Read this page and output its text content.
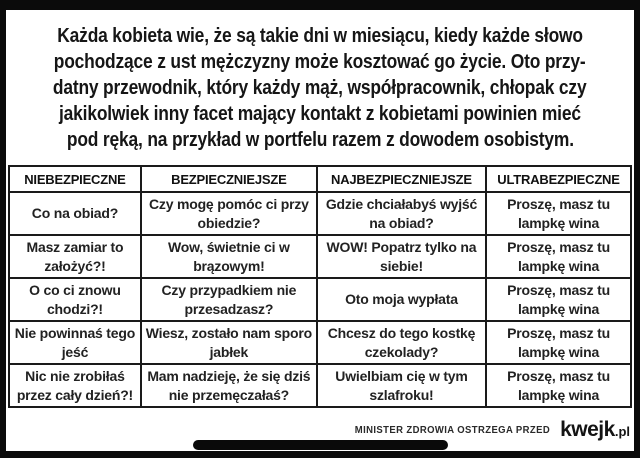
Każda kobieta wie, że są takie dni w miesiącu, kiedy każde słowo
pochodzące z ust mężczyzny może kosztować go życie. Oto przy-
datny przewodnik, który każdy mąż, współpracownik, chłopak czy
jakikolwiek inny facet mający kontakt z kobietami powinien mieć
pod ręką, na przykład w portfelu razem z dowodem osobistym.
NIEBEZPIECZNE	BEZPIECZNIEJSZE	NAJBEZPIECZNIEJSZE	ULTRABEZPIECZNE
Co na obiad?	Czy mogę pomóc ci przy obiedzie?	Gdzie chciałabyś wyjść na obiad?	Proszę, masz tu lampkę wina
Masz zamiar to założyć?!	Wow, świetnie ci w brązowym!	WOW! Popatrz tylko na siebie!	Proszę, masz tu lampkę wina
O co ci znowu chodzi?!	Czy przypadkiem nie przesadzasz?	Oto moja wypłata	Proszę, masz tu lampkę wina
Nie powinnaś tego jeść	Wiesz, zostało nam sporo jabłek	Chcesz do tego kostkę czekolady?	Proszę, masz tu lampkę wina
Nic nie zrobiłaś przez cały dzień?!	Mam nadzieję, że się dziś nie przemęczałaś?	Uwielbiam cię w tym szlafroku!	Proszę, masz tu lampkę wina
MINISTER ZDROWIA OSTRZEGA PRZED kwejk .pl
